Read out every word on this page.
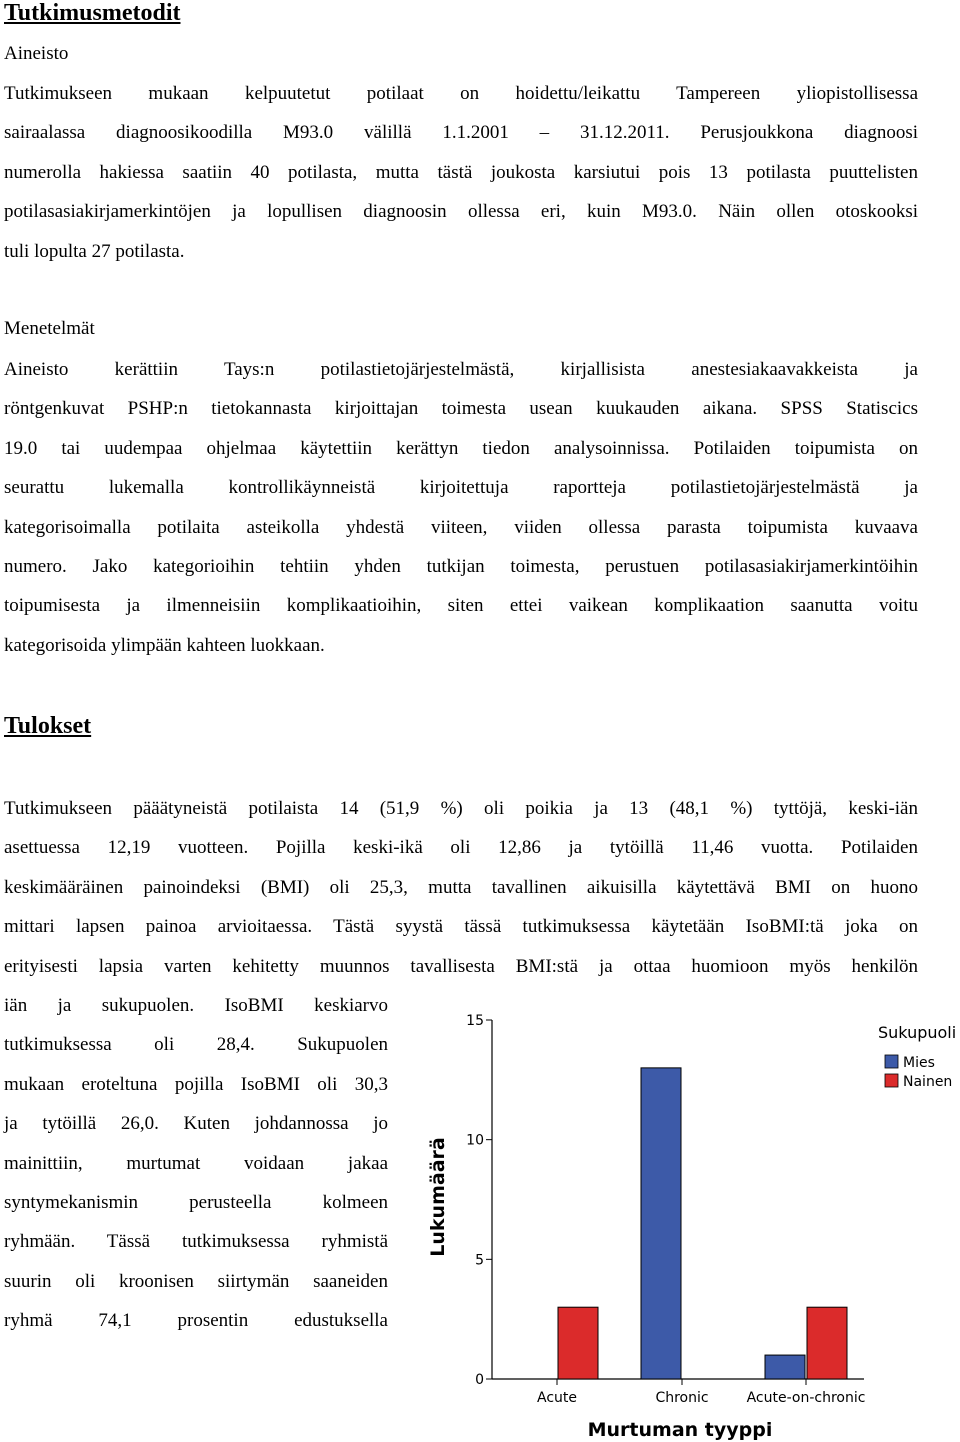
Tutkimusmetodit

Aineisto

Tutkimukseen mukaan kelpuutetut potilaat on hoidettu/leikattu Tampereen yliopistollisessa
sairaalassa diagnoosikoodilla M93.0 välillä 1.1.2001 – 31.12.2011. Perusjoukkona diagnoosi
numerolla hakiessa saatiin 40 potilasta, mutta tästä joukosta karsiutui pois 13 potilasta puuttelisten
potilasasiakirjamerkintöjen ja lopullisen diagnoosin ollessa eri, kuin M93.0. Näin ollen otoskooksi
tuli lopulta 27 potilasta.

Menetelmät

Aineisto kerättiin Tays:n potilastietojärjestelmästä, kirjallisista anestesiakaavakkeista ja
röntgenkuvat PSHP:n tietokannasta kirjoittajan toimesta usean kuukauden aikana. SPSS Statiscics
19.0 tai uudempaa ohjelmaa käytettiin kerättyn tiedon analysoinnissa. Potilaiden toipumista on
seurattu lukemalla kontrollikäynneistä kirjoitettuja raportteja potilastietojärjestelmästä ja
kategorisoimalla potilaita asteikolla yhdestä viiteen, viiden ollessa parasta toipumista kuvaava
numero. Jako kategorioihin tehtiin yhden tutkijan toimesta, perustuen potilasasiakirjamerkintöihin
toipumisesta ja ilmenneisiin komplikaatioihin, siten ettei vaikean komplikaation saanutta voitu
kategorisoida ylimpään kahteen luokkaan.
Tulokset
Tutkimukseen pääätyneistä potilaista 14 (51,9 %) oli poikia ja 13 (48,1 %) tyttöjä, keski-iän
asettuessa 12,19 vuotteen. Pojilla keski-ikä oli 12,86 ja tytöillä 11,46 vuotta. Potilaiden
keskimääräinen painoindeksi (BMI) oli 25,3, mutta tavallinen aikuisilla käytettävä BMI on huono
mittari lapsen painoa arvioitaessa. Tästä syystä tässä tutkimuksessa käytetään IsoBMI:tä joka on
erityisesti lapsia varten kehitetty muunnos tavallisesta BMI:stä ja ottaa huomioon myös henkilön
iän ja sukupuolen. IsoBMI keskiarvo
tutkimuksessa oli 28,4. Sukupuolen
mukaan eroteltuna pojilla IsoBMI oli 30,3
ja tytöillä 26,0. Kuten johdannossa jo
mainittiin, murtumat voidaan jakaa
syntymekanismin perusteella kolmeen
ryhmään. Tässä tutkimuksessa ryhmistä
suurin oli kroonisen siirtymän saaneiden
ryhmä 74,1 prosentin edustuksella
0
5
10
15
Acute	Chronic	Acute-on-chronic
Murtuman tyyppi
Lukumäärä
Sukupuoli
Mies
Nainen
